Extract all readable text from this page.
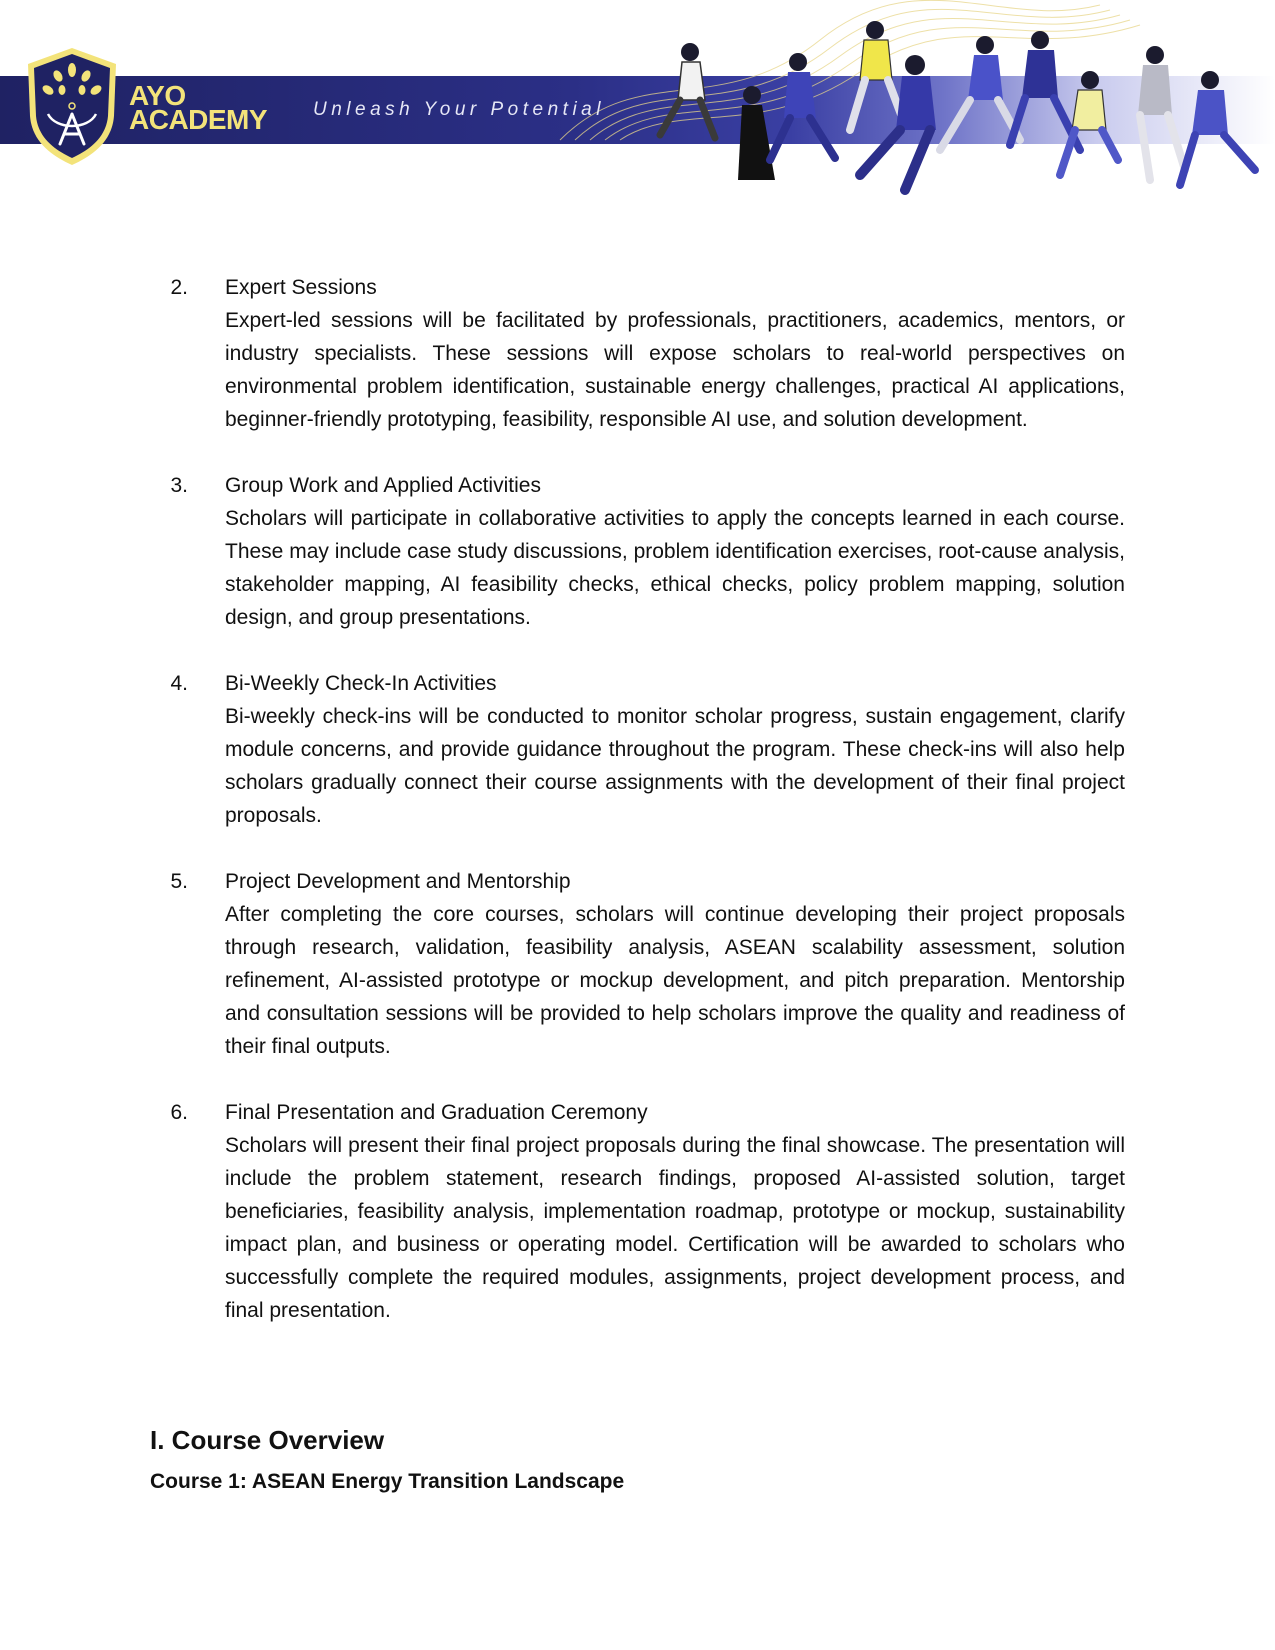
AYO
ACADEMY Unleash Your Potential

2. Expert Sessions

Expert-led sessions will be facilitated by professionals, practitioners, academics, mentors, or industry specialists. These sessions will expose scholars to real-world perspectives on environmental problem identification, sustainable energy challenges, practical AI applications, beginner-friendly prototyping, feasibility, responsible AI use, and solution development.

3. Group Work and Applied Activities

Scholars will participate in collaborative activities to apply the concepts learned in each course. These may include case study discussions, problem identification exercises, root-cause analysis, stakeholder mapping, AI feasibility checks, ethical checks, policy problem mapping, solution design, and group presentations.

4. Bi-Weekly Check-In Activities

Bi-weekly check-ins will be conducted to monitor scholar progress, sustain engagement, clarify module concerns, and provide guidance throughout the program. These check-ins will also help scholars gradually connect their course assignments with the development of their final project proposals.

5. Project Development and Mentorship

After completing the core courses, scholars will continue developing their project proposals through research, validation, feasibility analysis, ASEAN scalability assessment, solution refinement, AI-assisted prototype or mockup development, and pitch preparation. Mentorship and consultation sessions will be provided to help scholars improve the quality and readiness of their final outputs.

6. Final Presentation and Graduation Ceremony

Scholars will present their final project proposals during the final showcase. The presentation will include the problem statement, research findings, proposed AI-assisted solution, target beneficiaries, feasibility analysis, implementation roadmap, prototype or mockup, sustainability impact plan, and business or operating model. Certification will be awarded to scholars who successfully complete the required modules, assignments, project development process, and final presentation.

I. Course Overview
Course 1: ASEAN Energy Transition Landscape
